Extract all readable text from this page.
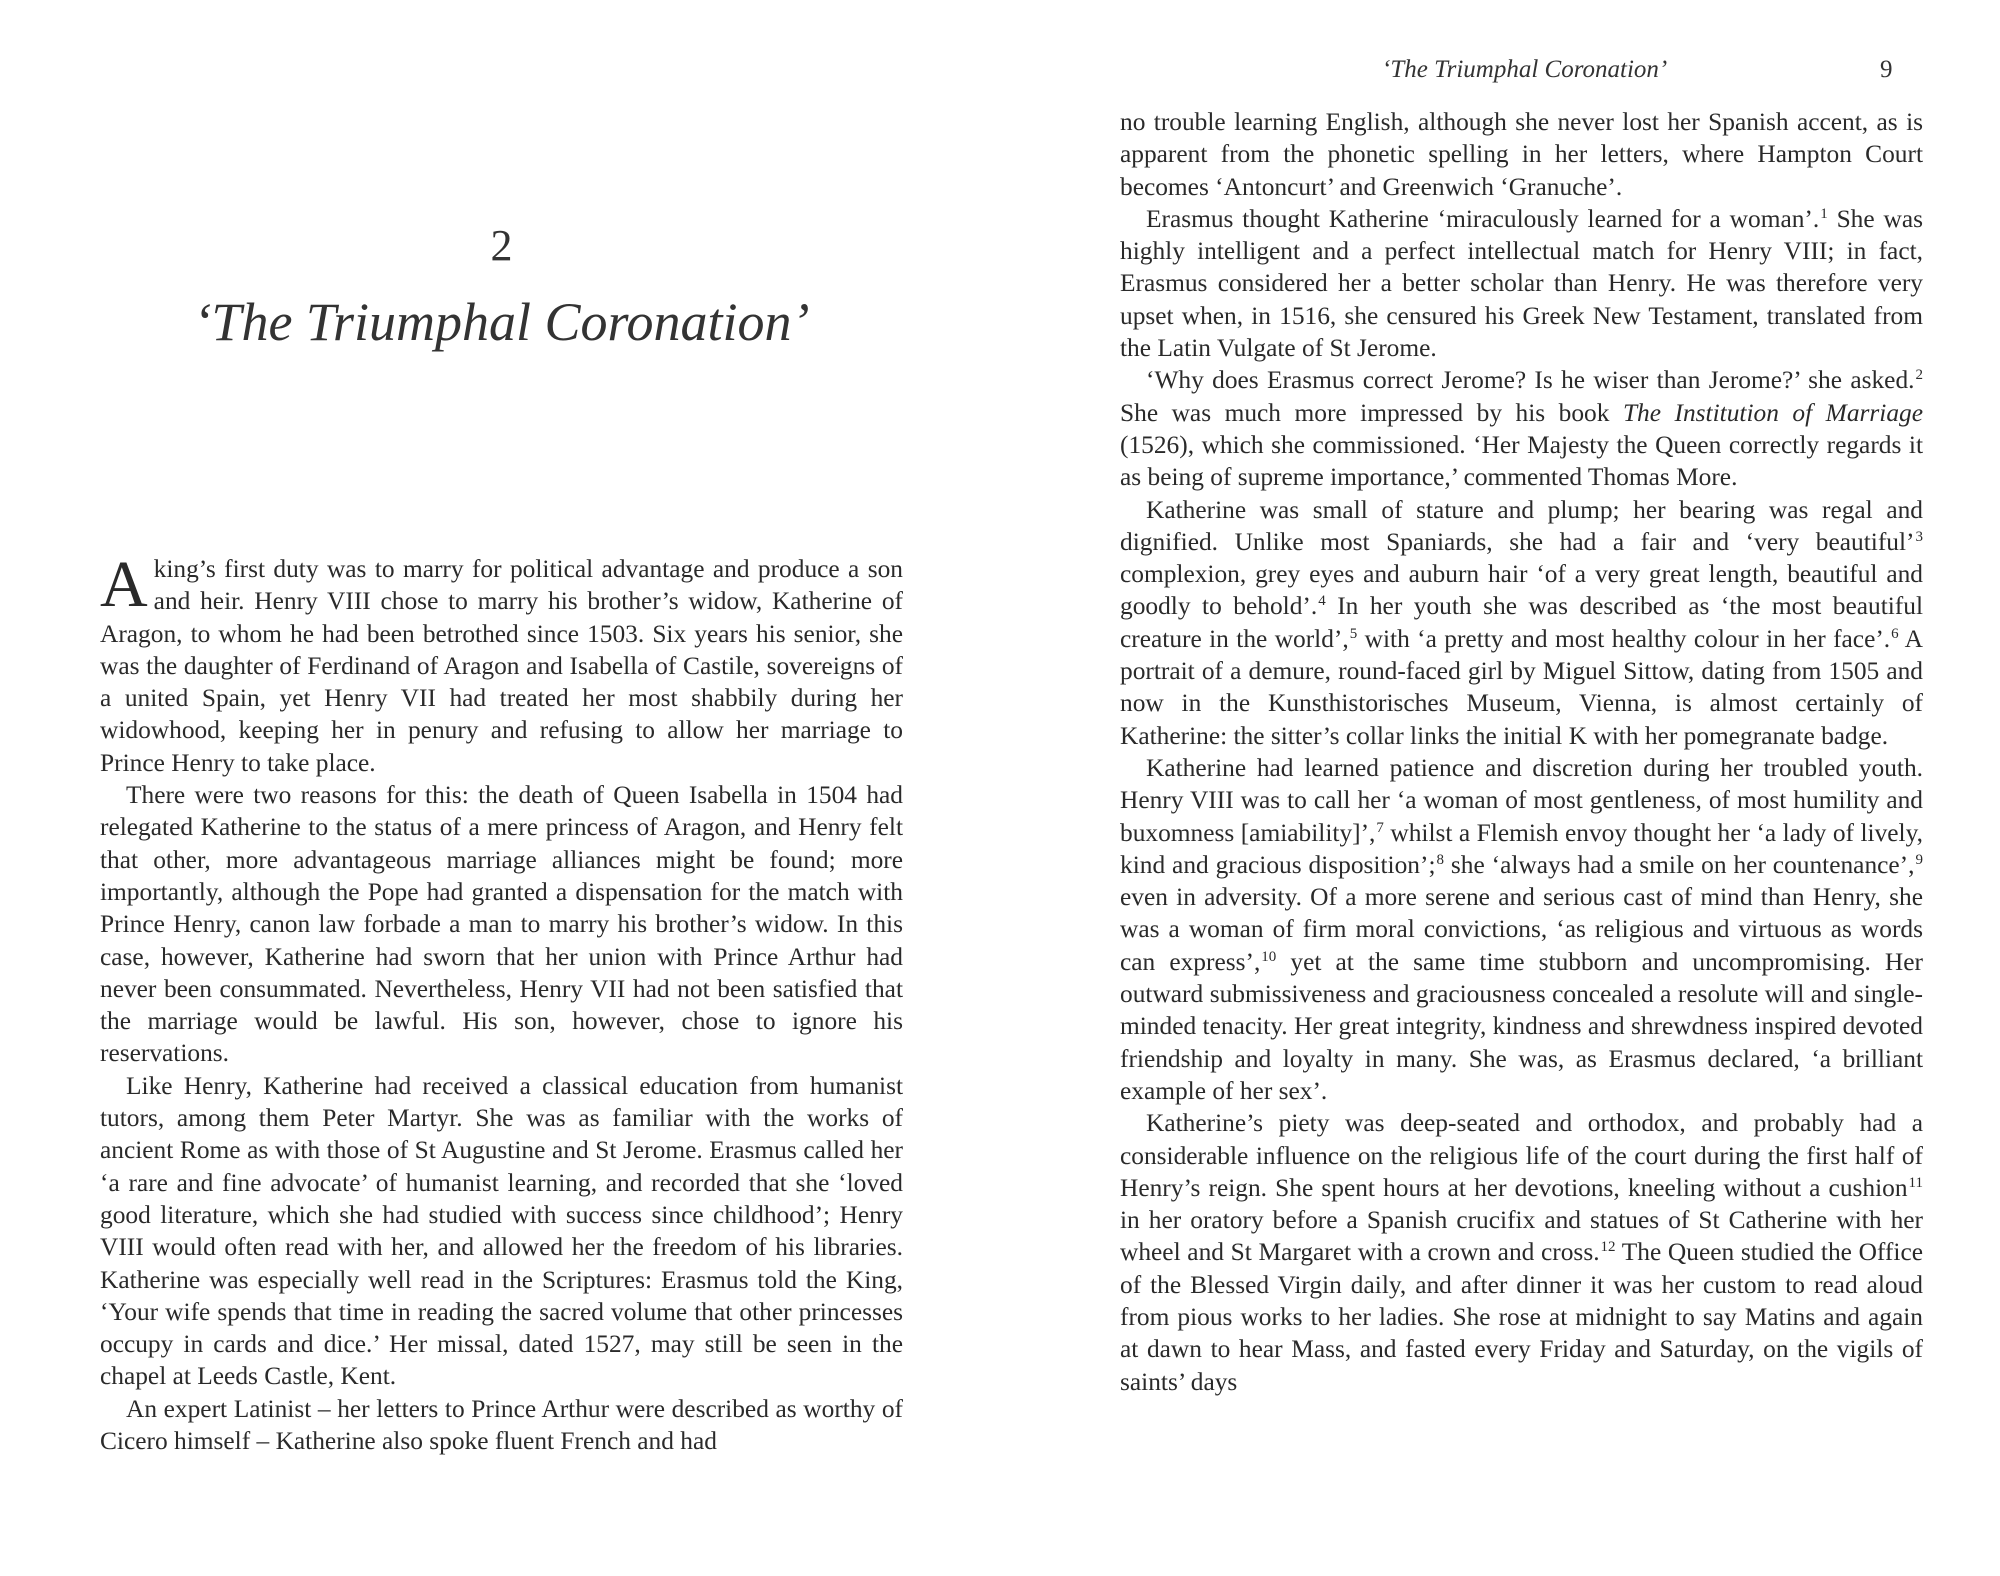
2
‘The Triumphal Coronation’

A king’s first duty was to marry for political advantage and produce a son and heir. Henry VIII chose to marry his brother’s widow, Katherine of Aragon, to whom he had been betrothed since 1503. Six years his senior, she was the daughter of Ferdinand of Aragon and Isabella of Castile, sovereigns of a united Spain, yet Henry VII had treated her most shabbily during her widowhood, keeping her in penury and refusing to allow her marriage to Prince Henry to take place.

There were two reasons for this: the death of Queen Isabella in 1504 had relegated Katherine to the status of a mere princess of Aragon, and Henry felt that other, more advantageous marriage alliances might be found; more importantly, although the Pope had granted a dispensation for the match with Prince Henry, canon law forbade a man to marry his brother’s widow. In this case, however, Katherine had sworn that her union with Prince Arthur had never been consummated. Nevertheless, Henry VII had not been satisfied that the marriage would be lawful. His son, however, chose to ignore his reservations.

Like Henry, Katherine had received a classical education from humanist tutors, among them Peter Martyr. She was as familiar with the works of ancient Rome as with those of St Augustine and St Jerome. Erasmus called her ‘a rare and fine advocate’ of humanist learning, and recorded that she ‘loved good literature, which she had studied with success since childhood’; Henry VIII would often read with her, and allowed her the freedom of his libraries. Katherine was especially well read in the Scriptures: Erasmus told the King, ‘Your wife spends that time in reading the sacred volume that other princesses occupy in cards and dice.’ Her missal, dated 1527, may still be seen in the chapel at Leeds Castle, Kent.

An expert Latinist – her letters to Prince Arthur were described as worthy of Cicero himself – Katherine also spoke fluent French and had

‘The Triumphal Coronation’	9

no trouble learning English, although she never lost her Spanish accent, as is apparent from the phonetic spelling in her letters, where Hampton Court becomes ‘Antoncurt’ and Greenwich ‘Granuche’.

Erasmus thought Katherine ‘miraculously learned for a woman’.$^1$ She was highly intelligent and a perfect intellectual match for Henry VIII; in fact, Erasmus considered her a better scholar than Henry. He was therefore very upset when, in 1516, she censured his Greek New Testament, translated from the Latin Vulgate of St Jerome.

‘Why does Erasmus correct Jerome? Is he wiser than Jerome?’ she asked.$^2$ She was much more impressed by his book The Institution of Marriage (1526), which she commissioned. ‘Her Majesty the Queen correctly regards it as being of supreme importance,’ commented Thomas More.

Katherine was small of stature and plump; her bearing was regal and dignified. Unlike most Spaniards, she had a fair and ‘very beautiful’$^3$ complexion, grey eyes and auburn hair ‘of a very great length, beautiful and goodly to behold’.$^4$ In her youth she was described as ‘the most beautiful creature in the world’,$^5$ with ‘a pretty and most healthy colour in her face’.$^6$ A portrait of a demure, round-faced girl by Miguel Sittow, dating from 1505 and now in the Kunsthistorisches Museum, Vienna, is almost certainly of Katherine: the sitter’s collar links the initial K with her pomegranate badge.

Katherine had learned patience and discretion during her troubled youth. Henry VIII was to call her ‘a woman of most gentleness, of most humility and buxomness [amiability]’,$^7$ whilst a Flemish envoy thought her ‘a lady of lively, kind and gracious disposition’;$^8$ she ‘always had a smile on her countenance’,$^9$ even in adversity. Of a more serene and serious cast of mind than Henry, she was a woman of firm moral convictions, ‘as religious and virtuous as words can express’,$^{10}$ yet at the same time stubborn and uncompromising. Her outward submissiveness and graciousness concealed a resolute will and single-minded tenacity. Her great integrity, kindness and shrewdness inspired devoted friendship and loyalty in many. She was, as Erasmus declared, ‘a brilliant example of her sex’.

Katherine’s piety was deep-seated and orthodox, and probably had a considerable influence on the religious life of the court during the first half of Henry’s reign. She spent hours at her devotions, kneeling without a cushion$^{11}$ in her oratory before a Spanish crucifix and statues of St Catherine with her wheel and St Margaret with a crown and cross.$^{12}$ The Queen studied the Office of the Blessed Virgin daily, and after dinner it was her custom to read aloud from pious works to her ladies. She rose at midnight to say Matins and again at dawn to hear Mass, and fasted every Friday and Saturday, on the vigils of saints’ days
